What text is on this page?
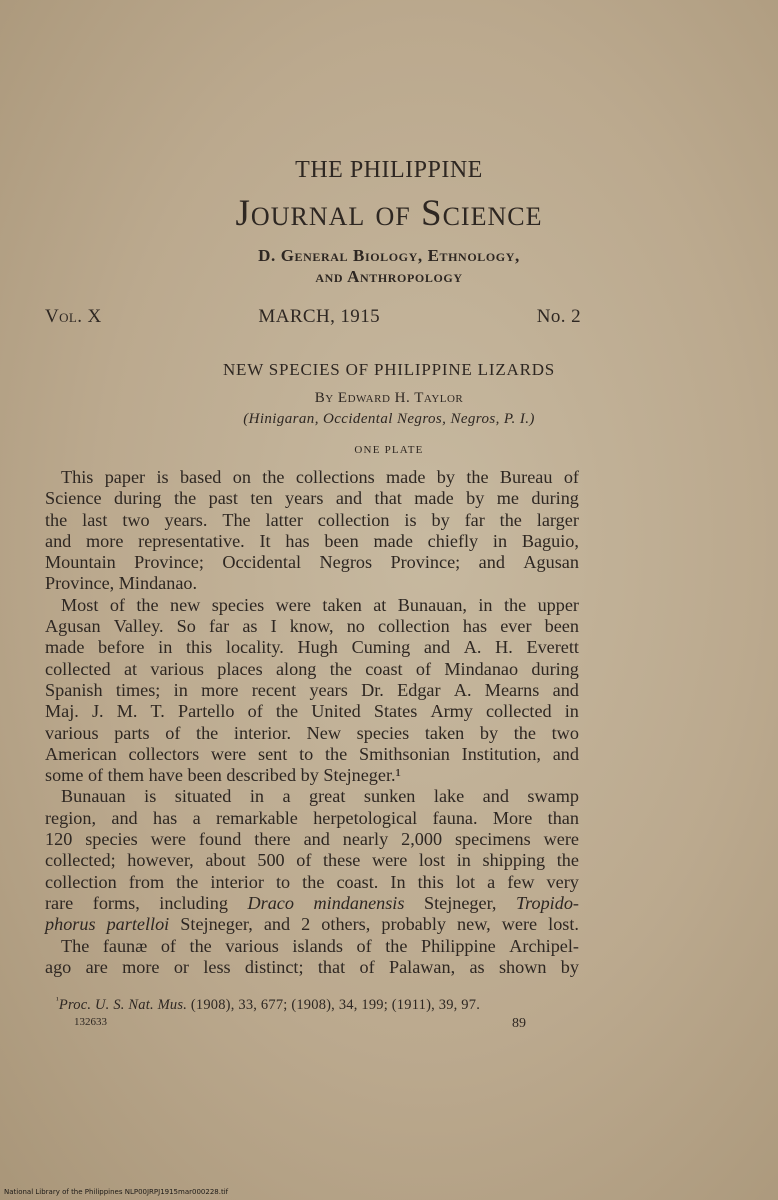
THE PHILIPPINE
Journal of Science
D. General Biology, Ethnology,
and Anthropology
Vol. X	MARCH, 1915	No. 2
NEW SPECIES OF PHILIPPINE LIZARDS
By Edward H. Taylor
(Hinigaran, Occidental Negros, Negros, P. I.)
ONE PLATE
This paper is based on the collections made by the Bureau of
Science during the past ten years and that made by me during
the last two years. The latter collection is by far the larger
and more representative. It has been made chiefly in Baguio,
Mountain Province; Occidental Negros Province; and Agusan
Province,
Mindanao.
Most of the new species were taken at Bunauan, in the upper
Agusan Valley. So far as I know, no collection has ever been
made before in this locality. Hugh Cuming and A. H. Everett
collected at various places along the coast of Mindanao during
Spanish times; in more recent years Dr. Edgar A. Mearns and
Maj. J. M. T. Partello of the United States Army collected in
various parts of the interior. New species taken by the two
American collectors were sent to the Smithsonian Institution, and
some
of
them
have
been
described
by
Stejneger.¹
Bunauan is situated in a great sunken lake and swamp
region, and has a remarkable herpetological fauna. More than
120 species were found there and nearly 2,000 specimens were
collected; however, about 500 of these were lost in shipping the
collection from the interior to the coast. In this lot a few very
rare forms, including Draco mindanensis Stejneger, Tropido-
phorus partelloi Stejneger, and 2 others, probably new, were lost.
The faunæ of the various islands of the Philippine Archipel-
ago are more or less distinct; that of Palawan, as shown by
$^{^1}$Proc. U. S. Nat. Mus. (1908), 33, 677; (1908), 34, 199; (1911), 39, 97.
132633	89
National Library of the Philippines NLP00JRPJ1915mar000228.tif
